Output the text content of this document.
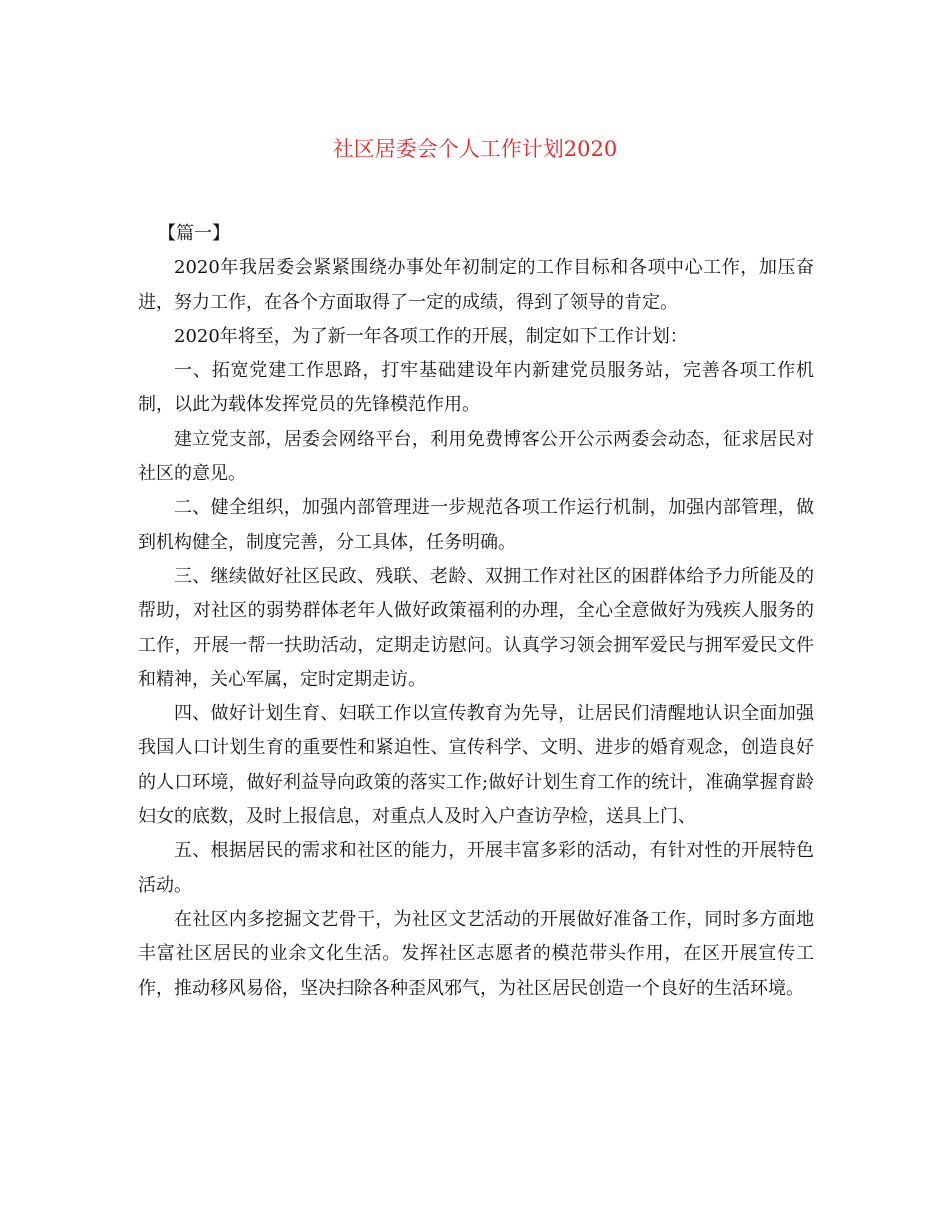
社区居委会个人工作计划2020

【篇一】

2020年我居委会紧紧围绕办事处年初制定的工作目标和各项中心工作，加压奋进，努力工作，在各个方面取得了一定的成绩，得到了领导的肯定。

2020年将至，为了新一年各项工作的开展，制定如下工作计划：

一、拓宽党建工作思路，打牢基础建设年内新建党员服务站，完善各项工作机制，以此为载体发挥党员的先锋模范作用。

建立党支部，居委会网络平台，利用免费博客公开公示两委会动态，征求居民对社区的意见。

二、健全组织，加强内部管理进一步规范各项工作运行机制，加强内部管理，做到机构健全，制度完善，分工具体，任务明确。

三、继续做好社区民政、残联、老龄、双拥工作对社区的困群体给予力所能及的帮助，对社区的弱势群体老年人做好政策福利的办理，全心全意做好为残疾人服务的工作，开展一帮一扶助活动，定期走访慰问。认真学习领会拥军爱民与拥军爱民文件和精神，关心军属，定时定期走访。

四、做好计划生育、妇联工作以宣传教育为先导，让居民们清醒地认识全面加强我国人口计划生育的重要性和紧迫性、宣传科学、文明、进步的婚育观念，创造良好的人口环境，做好利益导向政策的落实工作;做好计划生育工作的统计，准确掌握育龄妇女的底数，及时上报信息，对重点人及时入户查访孕检，送具上门、

五、根据居民的需求和社区的能力，开展丰富多彩的活动，有针对性的开展特色活动。

在社区内多挖掘文艺骨干，为社区文艺活动的开展做好准备工作，同时多方面地丰富社区居民的业余文化生活。发挥社区志愿者的模范带头作用，在区开展宣传工作，推动移风易俗，坚决扫除各种歪风邪气，为社区居民创造一个良好的生活环境。
